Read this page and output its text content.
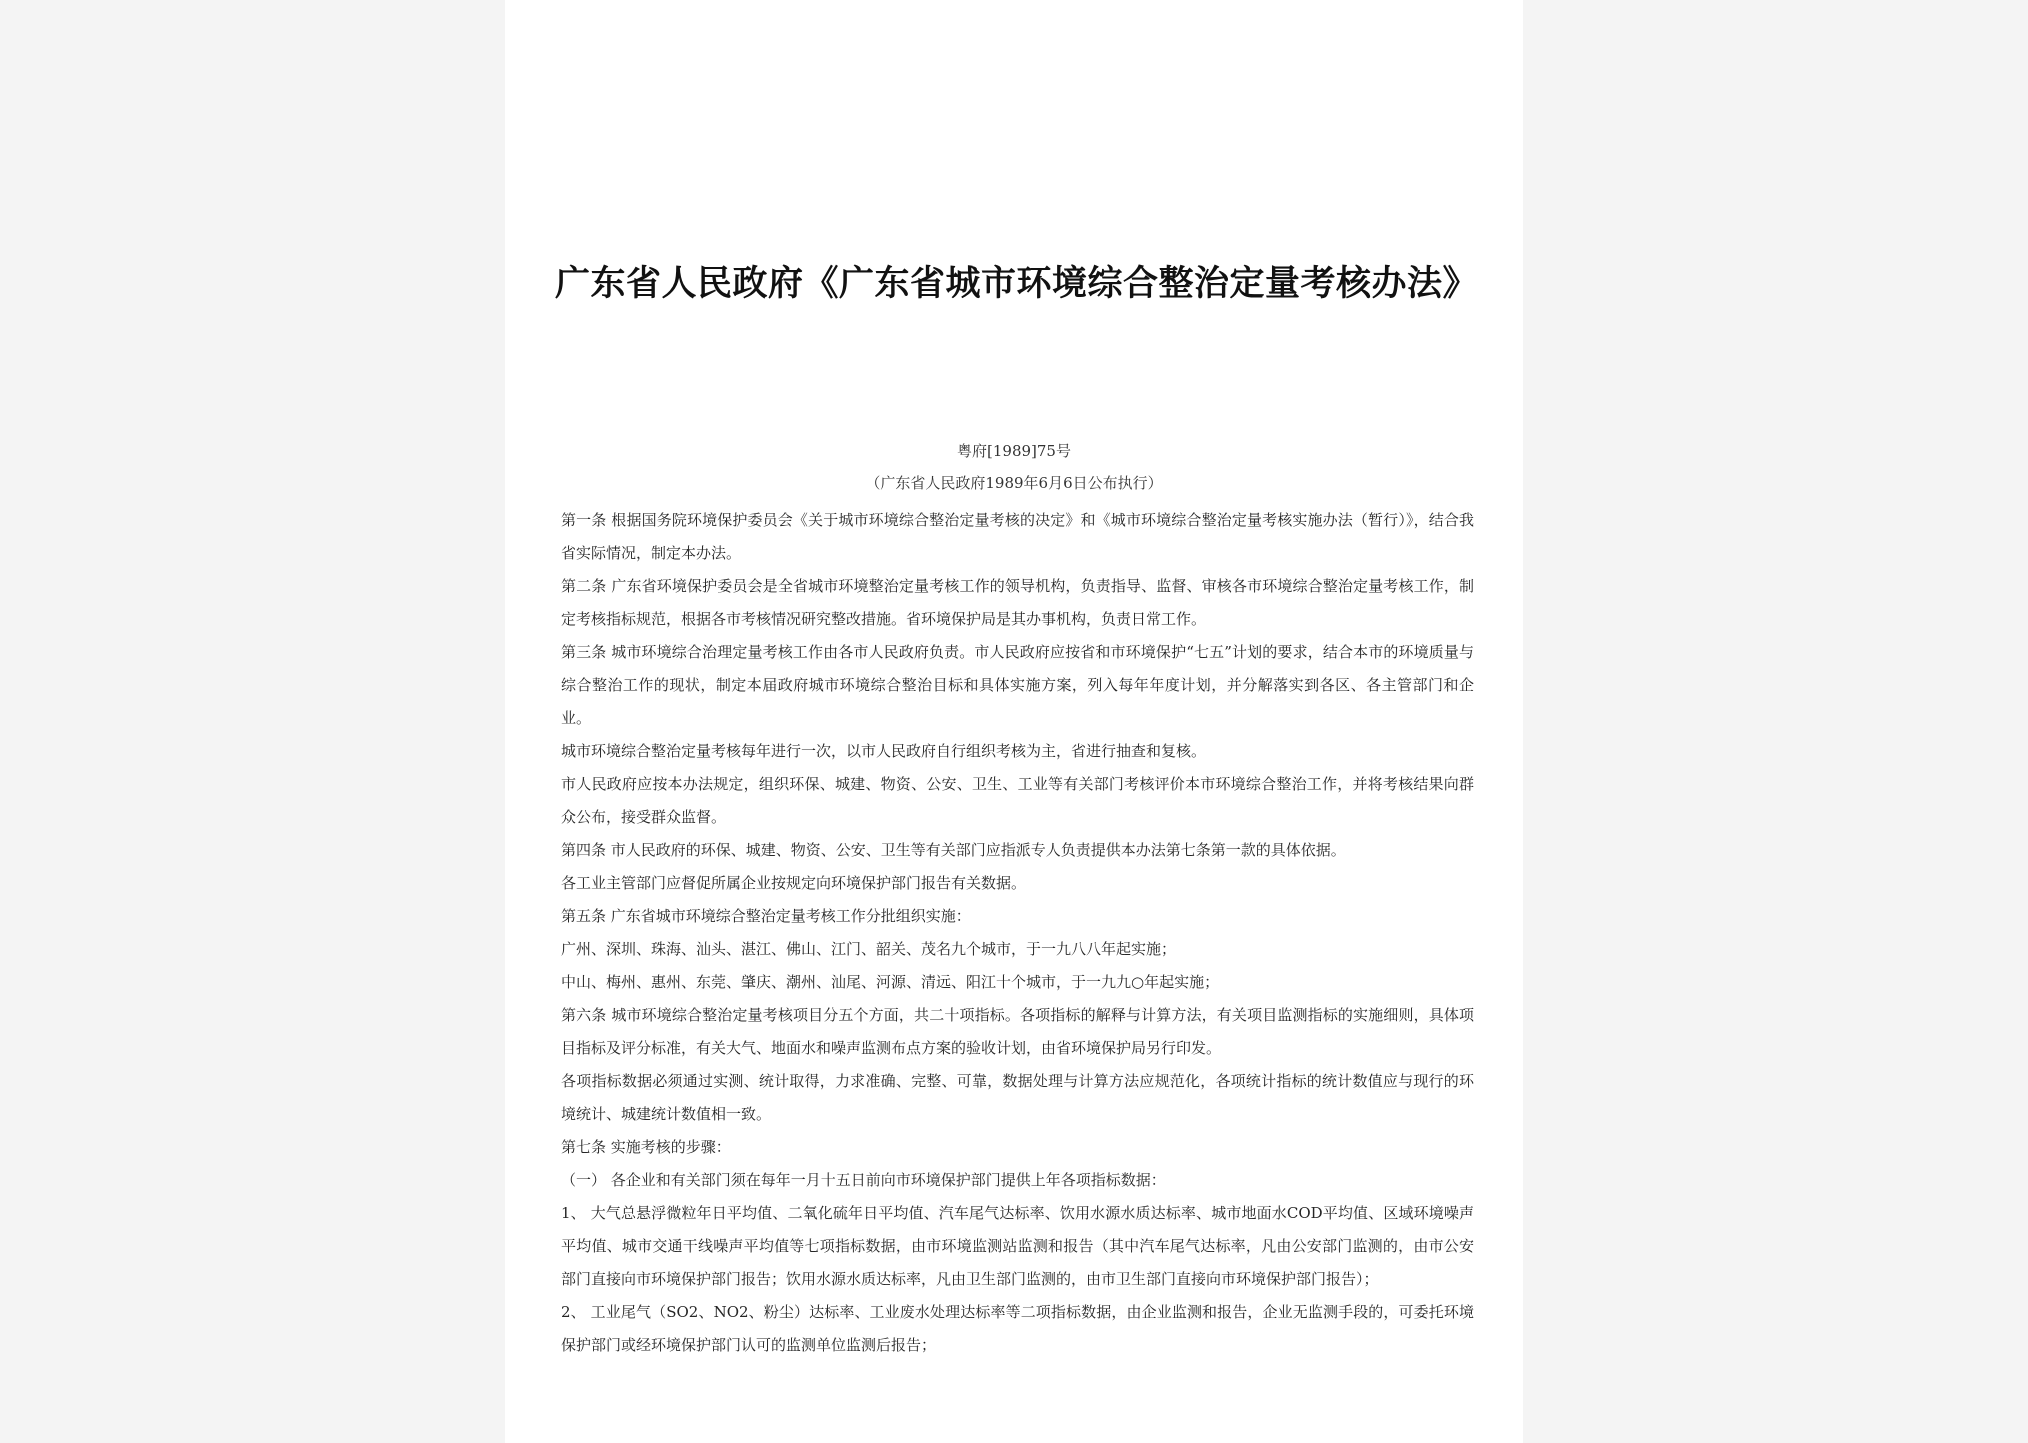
广东省人民政府《广东省城市环境综合整治定量考核办法》
粤府[1989]75号
（广东省人民政府1989年6月6日公布执行）

第一条 根据国务院环境保护委员会《关于城市环境综合整治定量考核的决定》和《城市环境综合整治定量考核实施办法（暂行）》，结合我省实际情况，制定本办法。

第二条 广东省环境保护委员会是全省城市环境整治定量考核工作的领导机构，负责指导、监督、审核各市环境综合整治定量考核工作，制定考核指标规范，根据各市考核情况研究整改措施。省环境保护局是其办事机构，负责日常工作。

第三条 城市环境综合治理定量考核工作由各市人民政府负责。市人民政府应按省和市环境保护“七五”计划的要求，结合本市的环境质量与综合整治工作的现状，制定本届政府城市环境综合整治目标和具体实施方案，列入每年年度计划，并分解落实到各区、各主管部门和企业。

城市环境综合整治定量考核每年进行一次，以市人民政府自行组织考核为主，省进行抽查和复核。

市人民政府应按本办法规定，组织环保、城建、物资、公安、卫生、工业等有关部门考核评价本市环境综合整治工作，并将考核结果向群众公布，接受群众监督。

第四条 市人民政府的环保、城建、物资、公安、卫生等有关部门应指派专人负责提供本办法第七条第一款的具体依据。

各工业主管部门应督促所属企业按规定向环境保护部门报告有关数据。

第五条 广东省城市环境综合整治定量考核工作分批组织实施：

广州、深圳、珠海、汕头、湛江、佛山、江门、韶关、茂名九个城市，于一九八八年起实施；

中山、梅州、惠州、东莞、肇庆、潮州、汕尾、河源、清远、阳江十个城市，于一九九○年起实施；

第六条 城市环境综合整治定量考核项目分五个方面，共二十项指标。各项指标的解释与计算方法，有关项目监测指标的实施细则，具体项目指标及评分标准，有关大气、地面水和噪声监测布点方案的验收计划，由省环境保护局另行印发。

各项指标数据必须通过实测、统计取得，力求准确、完整、可靠，数据处理与计算方法应规范化，各项统计指标的统计数值应与现行的环境统计、城建统计数值相一致。

第七条 实施考核的步骤：

（一） 各企业和有关部门须在每年一月十五日前向市环境保护部门提供上年各项指标数据：

1、 大气总悬浮微粒年日平均值、二氧化硫年日平均值、汽车尾气达标率、饮用水源水质达标率、城市地面水COD平均值、区域环境噪声平均值、城市交通干线噪声平均值等七项指标数据，由市环境监测站监测和报告（其中汽车尾气达标率，凡由公安部门监测的，由市公安部门直接向市环境保护部门报告；饮用水源水质达标率，凡由卫生部门监测的，由市卫生部门直接向市环境保护部门报告）；

2、 工业尾气（SO2、NO2、粉尘）达标率、工业废水处理达标率等二项指标数据，由企业监测和报告，企业无监测手段的，可委托环境保护部门或经环境保护部门认可的监测单位监测后报告；
